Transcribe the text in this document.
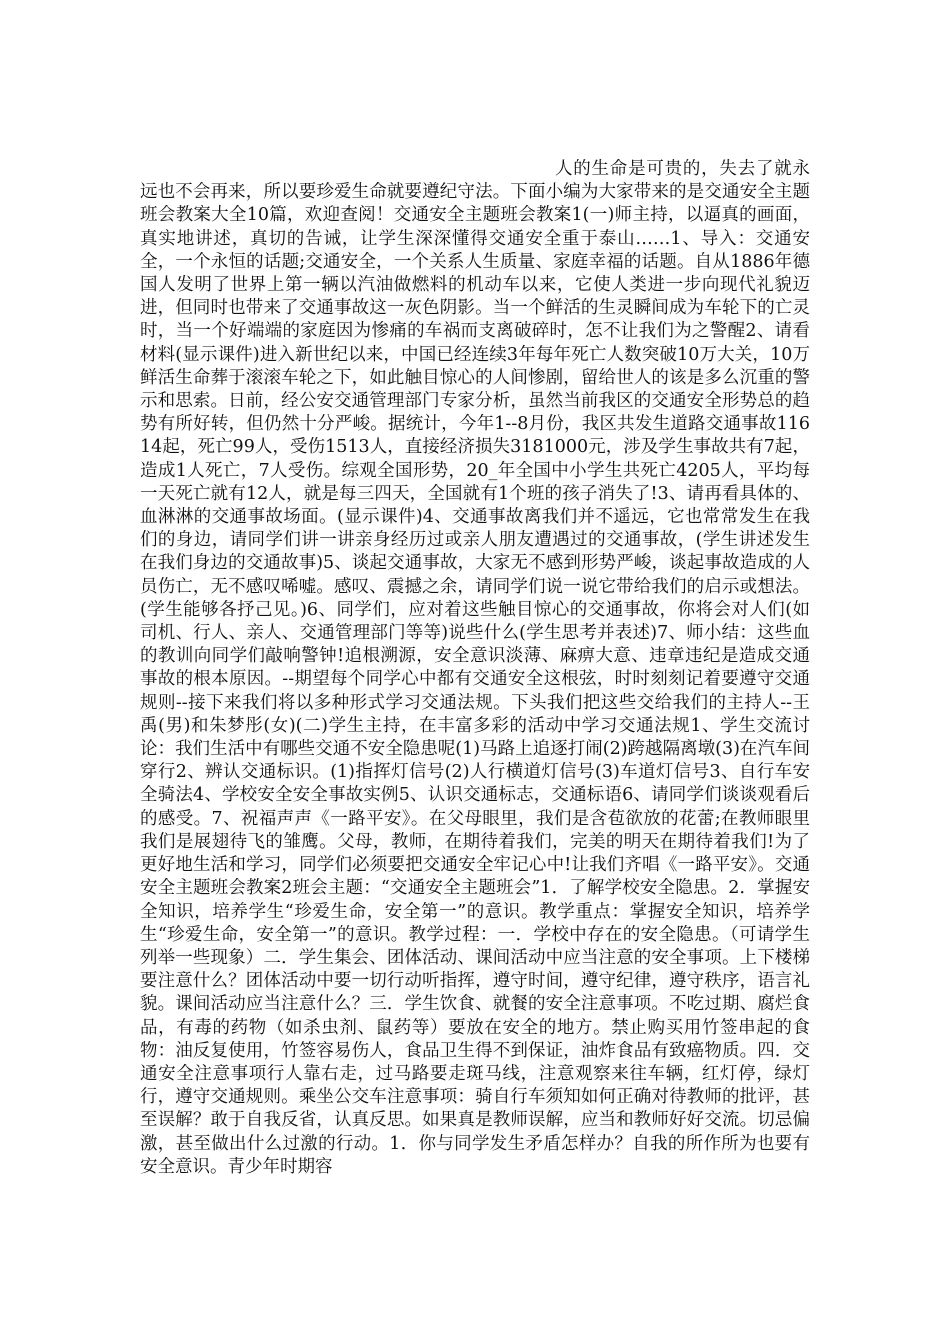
人的生命是可贵的，失去了就永远也不会再来，所以要珍爱生命就要遵纪守法。下面小编为大家带来的是交通安全主题班会教案大全10篇，欢迎查阅！交通安全主题班会教案1(一)师主持，以逼真的画面，真实地讲述，真切的告诫，让学生深深懂得交通安全重于泰山……1、导入：交通安全，一个永恒的话题;交通安全，一个关系人生质量、家庭幸福的话题。自从1886年德国人发明了世界上第一辆以汽油做燃料的机动车以来，它使人类进一步向现代礼貌迈进，但同时也带来了交通事故这一灰色阴影。当一个鲜活的生灵瞬间成为车轮下的亡灵时，当一个好端端的家庭因为惨痛的车祸而支离破碎时，怎不让我们为之警醒2、请看材料(显示课件)进入新世纪以来，中国已经连续3年每年死亡人数突破10万大关，10万鲜活生命葬于滚滚车轮之下，如此触目惊心的人间惨剧，留给世人的该是多么沉重的警示和思索。日前，经公安交通管理部门专家分析，虽然当前我区的交通安全形势总的趋势有所好转，但仍然十分严峻。据统计，今年1--8月份，我区共发生道路交通事故11614起，死亡99人，受伤1513人，直接经济损失3181000元，涉及学生事故共有7起，造成1人死亡，7人受伤。综观全国形势，20_年全国中小学生共死亡4205人，平均每一天死亡就有12人，就是每三四天，全国就有1个班的孩子消失了!3、请再看具体的、血淋淋的交通事故场面。(显示课件)4、交通事故离我们并不遥远，它也常常发生在我们的身边，请同学们讲一讲亲身经历过或亲人朋友遭遇过的交通事故，(学生讲述发生在我们身边的交通故事)5、谈起交通事故，大家无不感到形势严峻，谈起事故造成的人员伤亡，无不感叹唏嘘。感叹、震撼之余，请同学们说一说它带给我们的启示或想法。(学生能够各抒己见。)6、同学们，应对着这些触目惊心的交通事故，你将会对人们(如司机、行人、亲人、交通管理部门等等)说些什么(学生思考并表述)7、师小结：这些血的教训向同学们敲响警钟!追根溯源，安全意识淡薄、麻痹大意、违章违纪是造成交通事故的根本原因。--期望每个同学心中都有交通安全这根弦，时时刻刻记着要遵守交通规则--接下来我们将以多种形式学习交通法规。下头我们把这些交给我们的主持人--王禹(男)和朱梦彤(女)(二)学生主持，在丰富多彩的活动中学习交通法规1、学生交流讨论：我们生活中有哪些交通不安全隐患呢(1)马路上追逐打闹(2)跨越隔离墩(3)在汽车间穿行2、辨认交通标识。(1)指挥灯信号(2)人行横道灯信号(3)车道灯信号3、自行车安全骑法4、学校安全安全事故实例5、认识交通标志，交通标语6、请同学们谈谈观看后的感受。7、祝福声声《一路平安》。在父母眼里，我们是含苞欲放的花蕾;在教师眼里我们是展翅待飞的雏鹰。父母，教师，在期待着我们，完美的明天在期待着我们!为了更好地生活和学习，同学们必须要把交通安全牢记心中!让我们齐唱《一路平安》。交通安全主题班会教案2班会主题：“交通安全主题班会”1．了解学校安全隐患。2．掌握安全知识，培养学生“珍爱生命，安全第一”的意识。教学重点：掌握安全知识，培养学生“珍爱生命，安全第一”的意识。教学过程：一．学校中存在的安全隐患。（可请学生列举一些现象）二．学生集会、团体活动、课间活动中应当注意的安全事项。上下楼梯要注意什么？团体活动中要一切行动听指挥，遵守时间，遵守纪律，遵守秩序，语言礼貌。课间活动应当注意什么？三．学生饮食、就餐的安全注意事项。不吃过期、腐烂食品，有毒的药物（如杀虫剂、鼠药等）要放在安全的地方。禁止购买用竹签串起的食物：油反复使用，竹签容易伤人，食品卫生得不到保证，油炸食品有致癌物质。四．交通安全注意事项行人靠右走，过马路要走斑马线，注意观察来往车辆，红灯停，绿灯行，遵守交通规则。乘坐公交车注意事项：骑自行车须知如何正确对待教师的批评，甚至误解？敢于自我反省，认真反思。如果真是教师误解，应当和教师好好交流。切忌偏激，甚至做出什么过激的行动。1．你与同学发生矛盾怎样办？自我的所作所为也要有安全意识。青少年时期容
